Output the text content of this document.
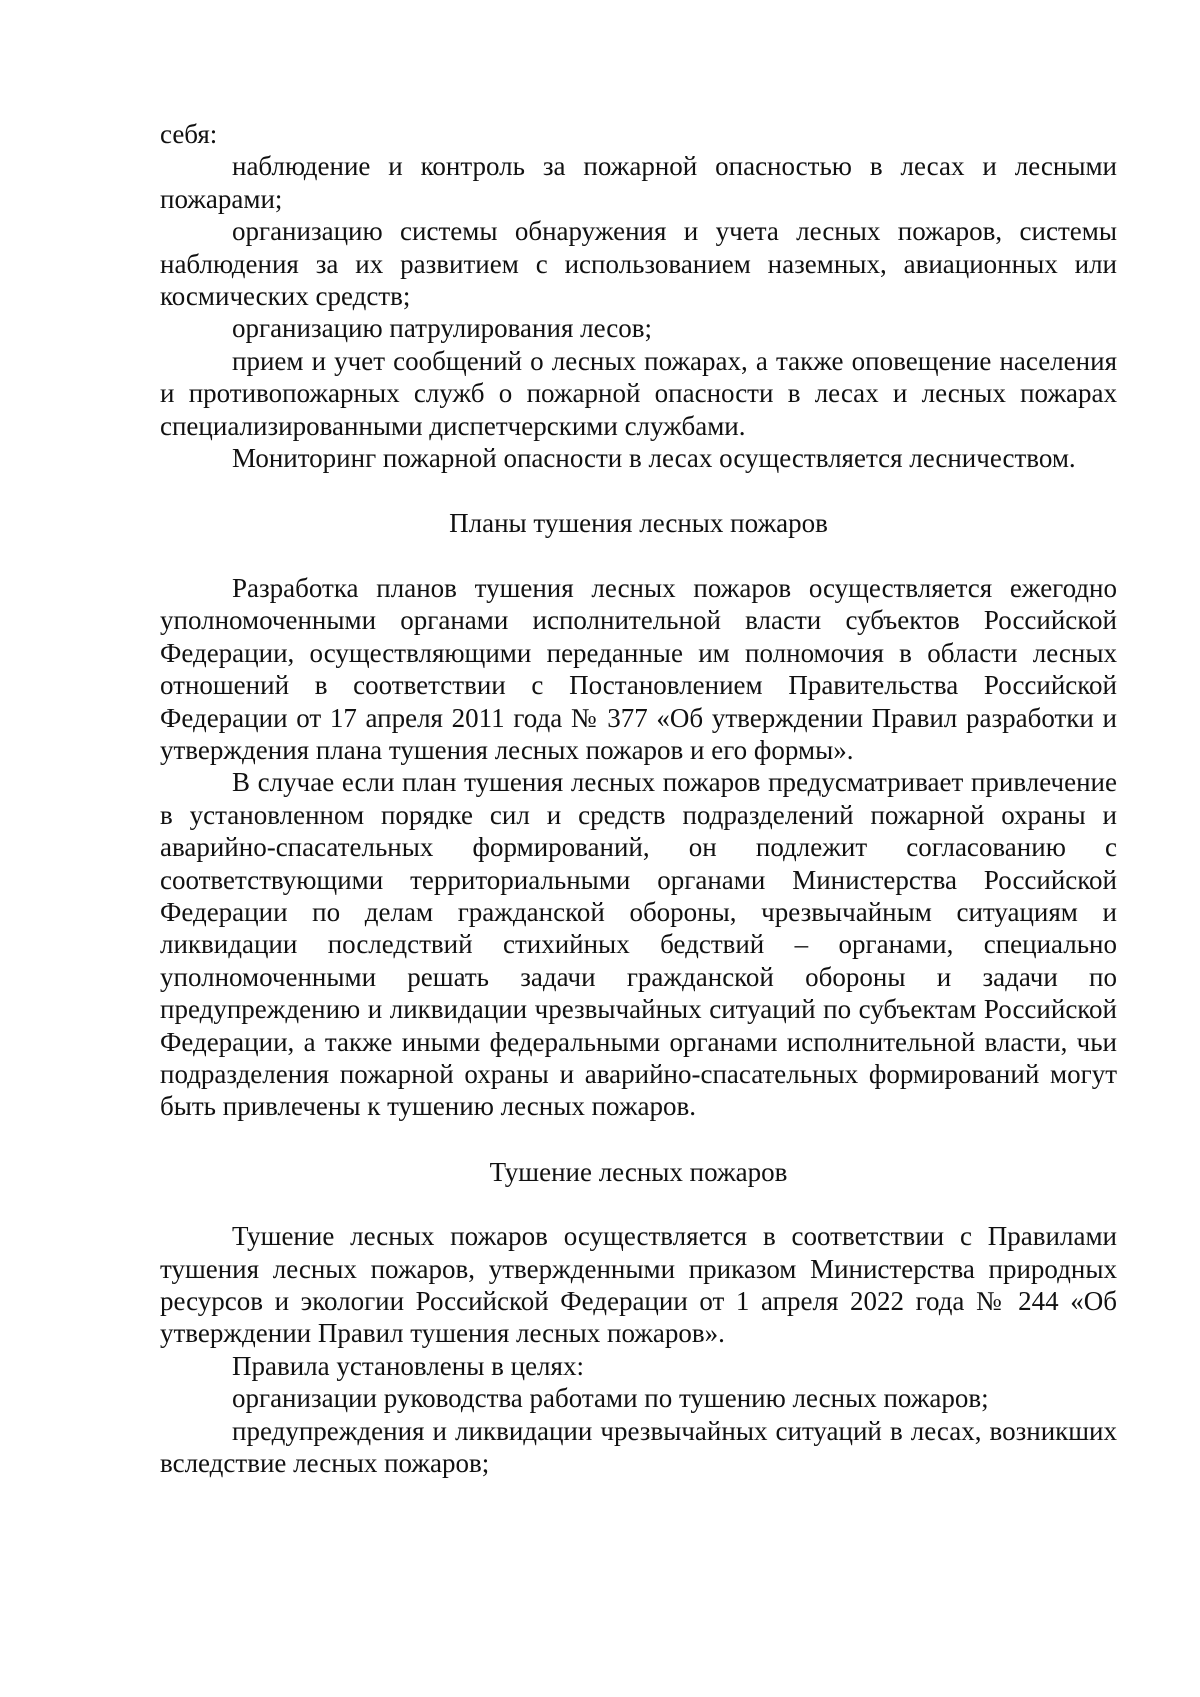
себя:

наблюдение и контроль за пожарной опасностью в лесах и лесными пожарами;

организацию системы обнаружения и учета лесных пожаров, системы наблюдения за их развитием с использованием наземных, авиационных или космических средств;

организацию патрулирования лесов;

прием и учет сообщений о лесных пожарах, а также оповещение населения и противопожарных служб о пожарной опасности в лесах и лесных пожарах специализированными диспетчерскими службами.

Мониторинг пожарной опасности в лесах осуществляется лесничеством.

Планы тушения лесных пожаров

Разработка планов тушения лесных пожаров осуществляется ежегодно уполномоченными органами исполнительной власти субъектов Российской Федерации, осуществляющими переданные им полномочия в области лесных отношений в соответствии с Постановлением Правительства Российской Федерации от 17 апреля 2011 года № 377 «Об утверждении Правил разработки и утверждения плана тушения лесных пожаров и его формы».

В случае если план тушения лесных пожаров предусматривает привлечение в установленном порядке сил и средств подразделений пожарной охраны и аварийно-спасательных формирований, он подлежит согласованию с соответствующими территориальными органами Министерства Российской Федерации по делам гражданской обороны, чрезвычайным ситуациям и ликвидации последствий стихийных бедствий – органами, специально уполномоченными решать задачи гражданской обороны и задачи по предупреждению и ликвидации чрезвычайных ситуаций по субъектам Российской Федерации, а также иными федеральными органами исполнительной власти, чьи подразделения пожарной охраны и аварийно-спасательных формирований могут быть привлечены к тушению лесных пожаров.

Тушение лесных пожаров

Тушение лесных пожаров осуществляется в соответствии с Правилами тушения лесных пожаров, утвержденными приказом Министерства природных ресурсов и экологии Российской Федерации от 1 апреля 2022 года № 244 «Об утверждении Правил тушения лесных пожаров».

Правила установлены в целях:

организации руководства работами по тушению лесных пожаров;

предупреждения и ликвидации чрезвычайных ситуаций в лесах, возникших вследствие лесных пожаров;
